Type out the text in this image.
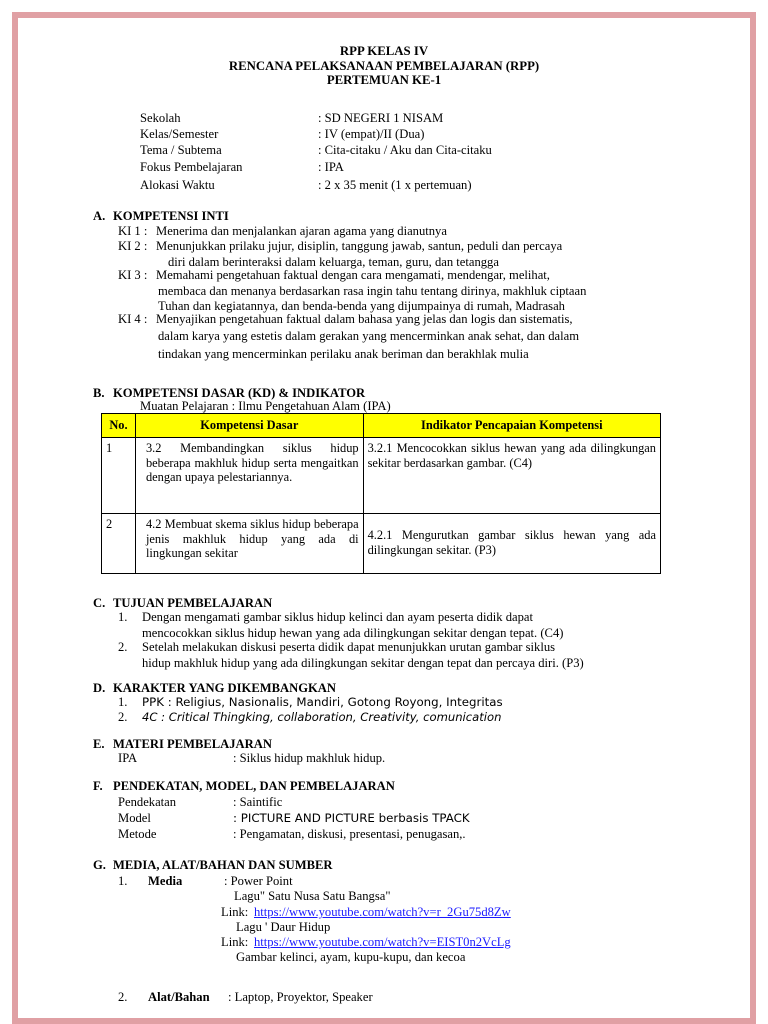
RPP KELAS IV
RENCANA PELAKSANAAN PEMBELAJARAN (RPP)
PERTEMUAN KE-1
Sekolah	: SD NEGERI 1 NISAM
Kelas/Semester	: IV (empat)/II (Dua)
Tema / Subtema	: Cita-citaku / Aku dan Cita-citaku
Fokus Pembelajaran	: IPA
Alokasi Waktu	: 2 x 35 menit (1 x pertemuan)
A. KOMPETENSI INTI
KI 1 : Menerima dan menjalankan ajaran agama yang dianutnya
KI 2 : Menunjukkan prilaku jujur, disiplin, tanggung jawab, santun, peduli dan percaya
diri dalam berinteraksi dalam keluarga, teman, guru, dan tetangga
KI 3 : Memahami pengetahuan faktual dengan cara mengamati, mendengar, melihat,
membaca dan menanya berdasarkan rasa ingin tahu tentang dirinya, makhluk ciptaan
Tuhan dan kegiatannya, dan benda-benda yang dijumpainya di rumah, Madrasah
KI 4 : Menyajikan pengetahuan faktual dalam bahasa yang jelas dan logis dan sistematis,
dalam karya yang estetis dalam gerakan yang mencerminkan anak sehat, dan dalam
tindakan yang mencerminkan perilaku anak beriman dan berakhlak mulia
B. KOMPETENSI DASAR (KD) & INDIKATOR
Muatan Pelajaran : Ilmu Pengetahuan Alam (IPA)
No.	Kompetensi Dasar	Indikator Pencapaian Kompetensi
1	3.2 Membandingkan siklus hidup beberapa makhluk hidup serta mengaitkan dengan upaya pelestariannya.	3.2.1 Mencocokkan siklus hewan yang ada dilingkungan sekitar berdasarkan gambar. (C4)
2	4.2 Membuat skema siklus hidup beberapa jenis makhluk hidup yang ada di lingkungan sekitar	4.2.1 Mengurutkan gambar siklus hewan yang ada dilingkungan sekitar. (P3)
C. TUJUAN PEMBELAJARAN
1. Dengan mengamati gambar siklus hidup kelinci dan ayam peserta didik dapat
mencocokkan siklus hidup hewan yang ada dilingkungan sekitar dengan tepat. (C4)
2. Setelah melakukan diskusi peserta didik dapat menunjukkan urutan gambar siklus
hidup makhluk hidup yang ada dilingkungan sekitar dengan tepat dan percaya diri. (P3)
D. KARAKTER YANG DIKEMBANGKAN
1. PPK : Religius, Nasionalis, Mandiri, Gotong Royong, Integritas
2. 4C : Critical Thingking, collaboration, Creativity, comunication
E. MATERI PEMBELAJARAN
IPA	: Siklus hidup makhluk hidup.
F. PENDEKATAN, MODEL, DAN PEMBELAJARAN
Pendekatan	: Saintific
Model	: PICTURE AND PICTURE berbasis TPACK
Metode	: Pengamatan, diskusi, presentasi, penugasan,.
G. MEDIA, ALAT/BAHAN DAN SUMBER
1.	Media	: Power Point
Lagu" Satu Nusa Satu Bangsa"
Link: https://www.youtube.com/watch?v=r_2Gu75d8Zw
Lagu ' Daur Hidup
Link: https://www.youtube.com/watch?v=EIST0n2VcLg
Gambar kelinci, ayam, kupu-kupu, dan kecoa
2.	Alat/Bahan	: Laptop, Proyektor, Speaker
